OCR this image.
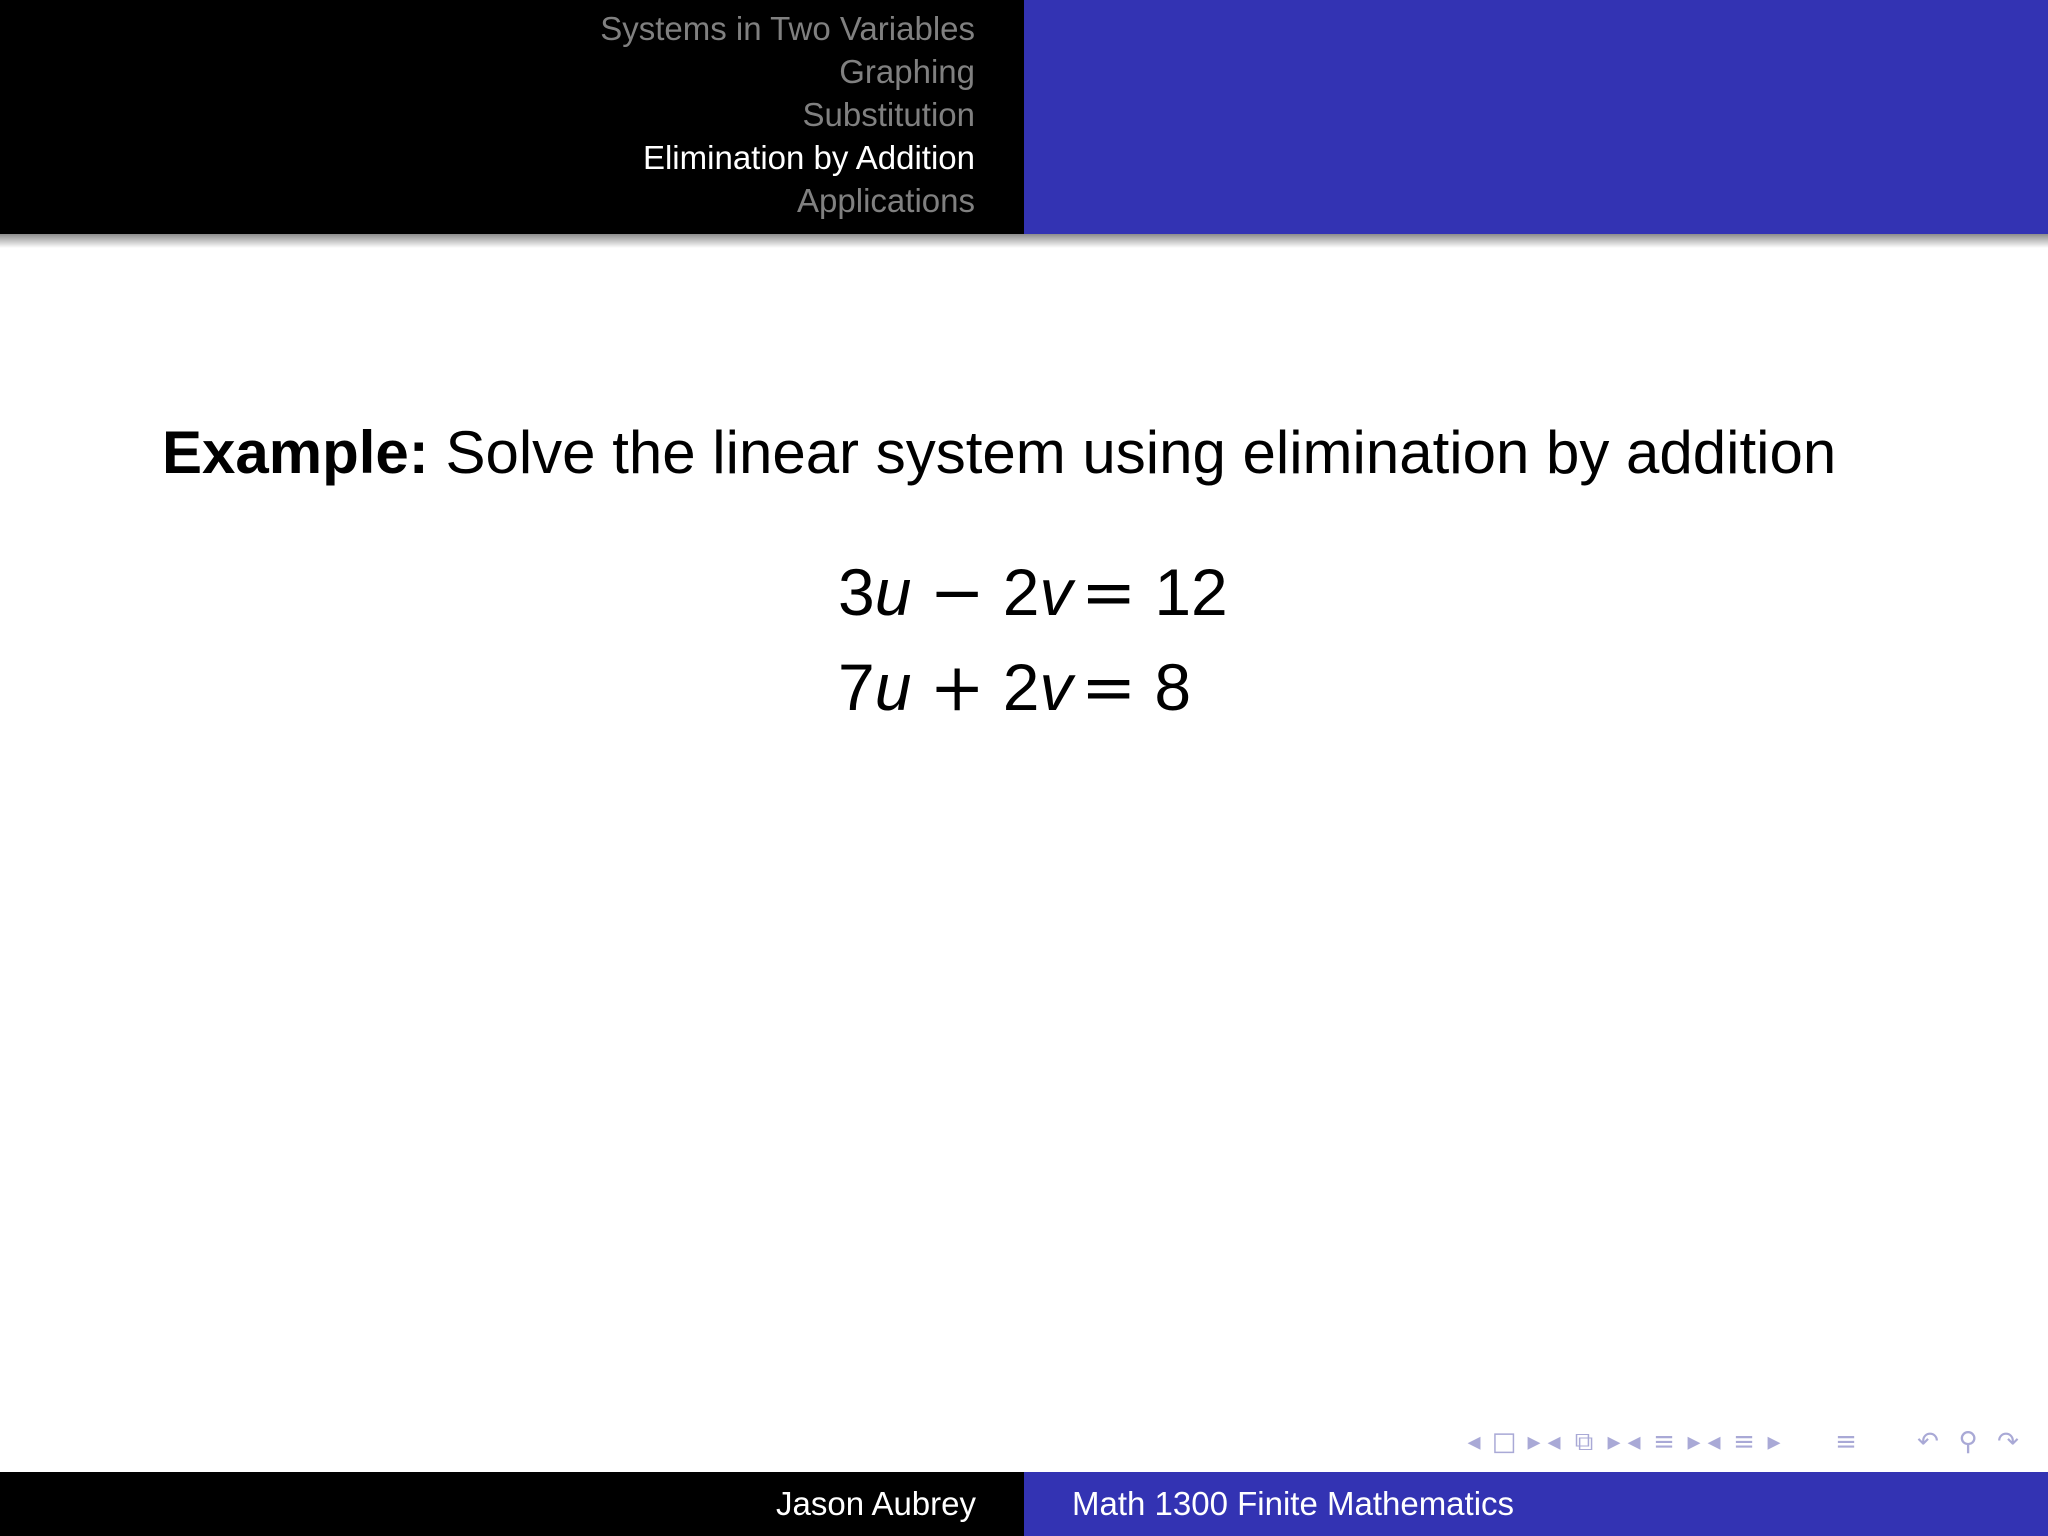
Systems in Two Variables
Graphing
Substitution
Elimination by Addition
Applications
Example: Solve the linear system using elimination by addition
3u − 2v = 12
7u + 2v = 8
◂ □ ▸ ◂ ⧉ ▸ ◂ ≡ ▸ ◂ ≡ ▸	≡	↶ ⚲ ↷
Jason Aubrey	Math 1300 Finite Mathematics
